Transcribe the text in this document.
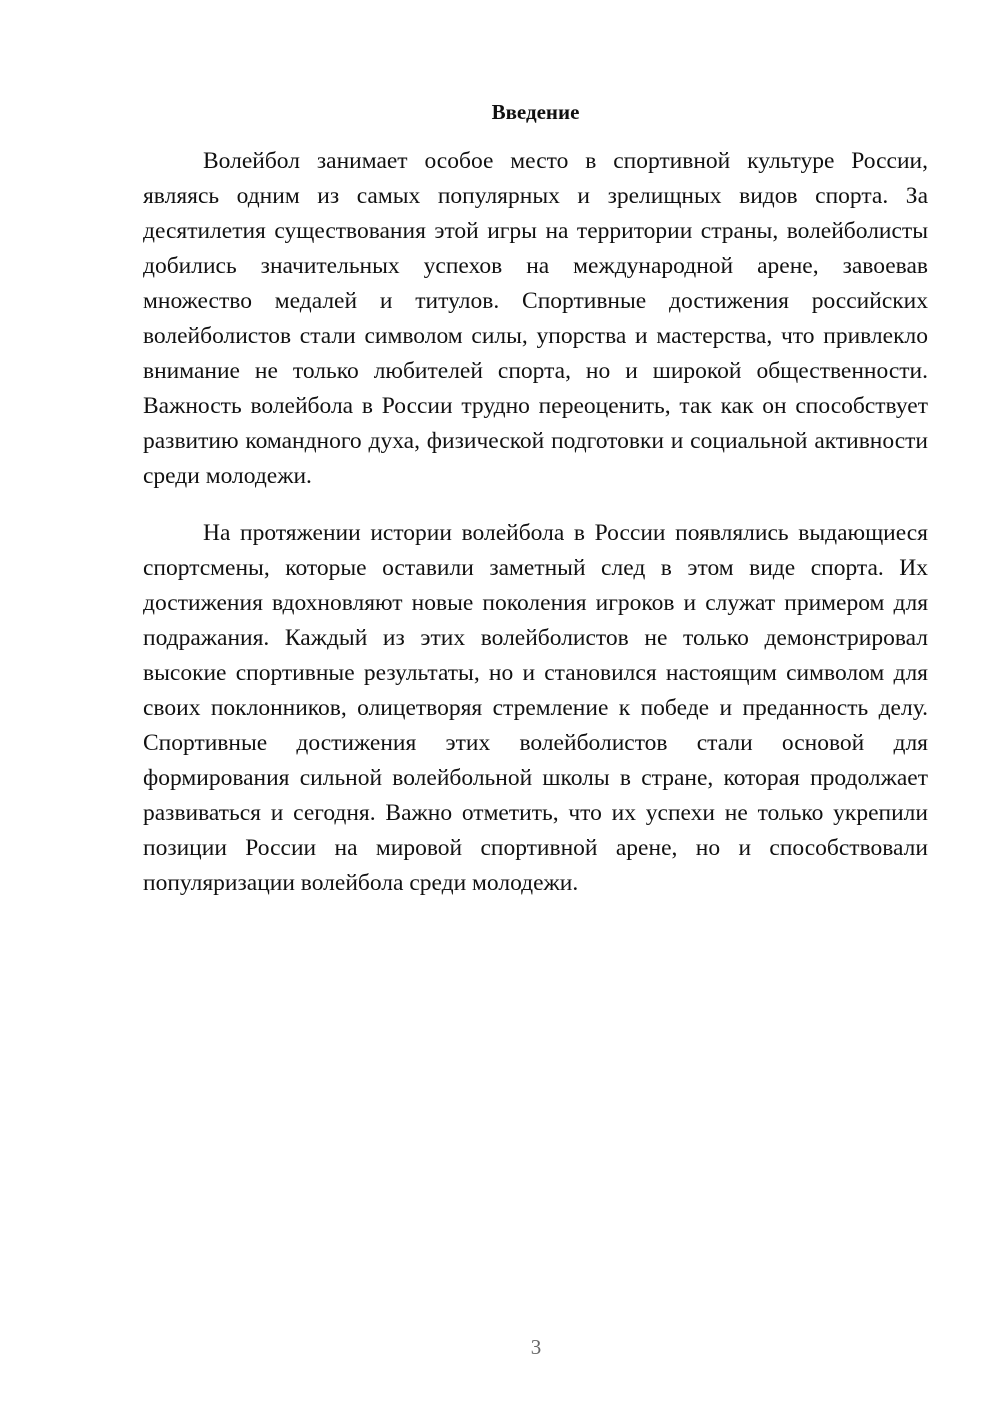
Введение

Волейбол занимает особое место в спортивной культуре России, являясь одним из самых популярных и зрелищных видов спорта. За десятилетия существования этой игры на территории страны, волейболисты добились значительных успехов на международной арене, завоевав множество медалей и титулов. Спортивные достижения российских волейболистов стали символом силы, упорства и мастерства, что привлекло внимание не только любителей спорта, но и широкой общественности. Важность волейбола в России трудно переоценить, так как он способствует развитию командного духа, физической подготовки и социальной активности среди молодежи.

На протяжении истории волейбола в России появлялись выдающиеся спортсмены, которые оставили заметный след в этом виде спорта. Их достижения вдохновляют новые поколения игроков и служат примером для подражания. Каждый из этих волейболистов не только демонстрировал высокие спортивные результаты, но и становился настоящим символом для своих поклонников, олицетворяя стремление к победе и преданность делу. Спортивные достижения этих волейболистов стали основой для формирования сильной волейбольной школы в стране, которая продолжает развиваться и сегодня. Важно отметить, что их успехи не только укрепили позиции России на мировой спортивной арене, но и способствовали популяризации волейбола среди молодежи.

3
